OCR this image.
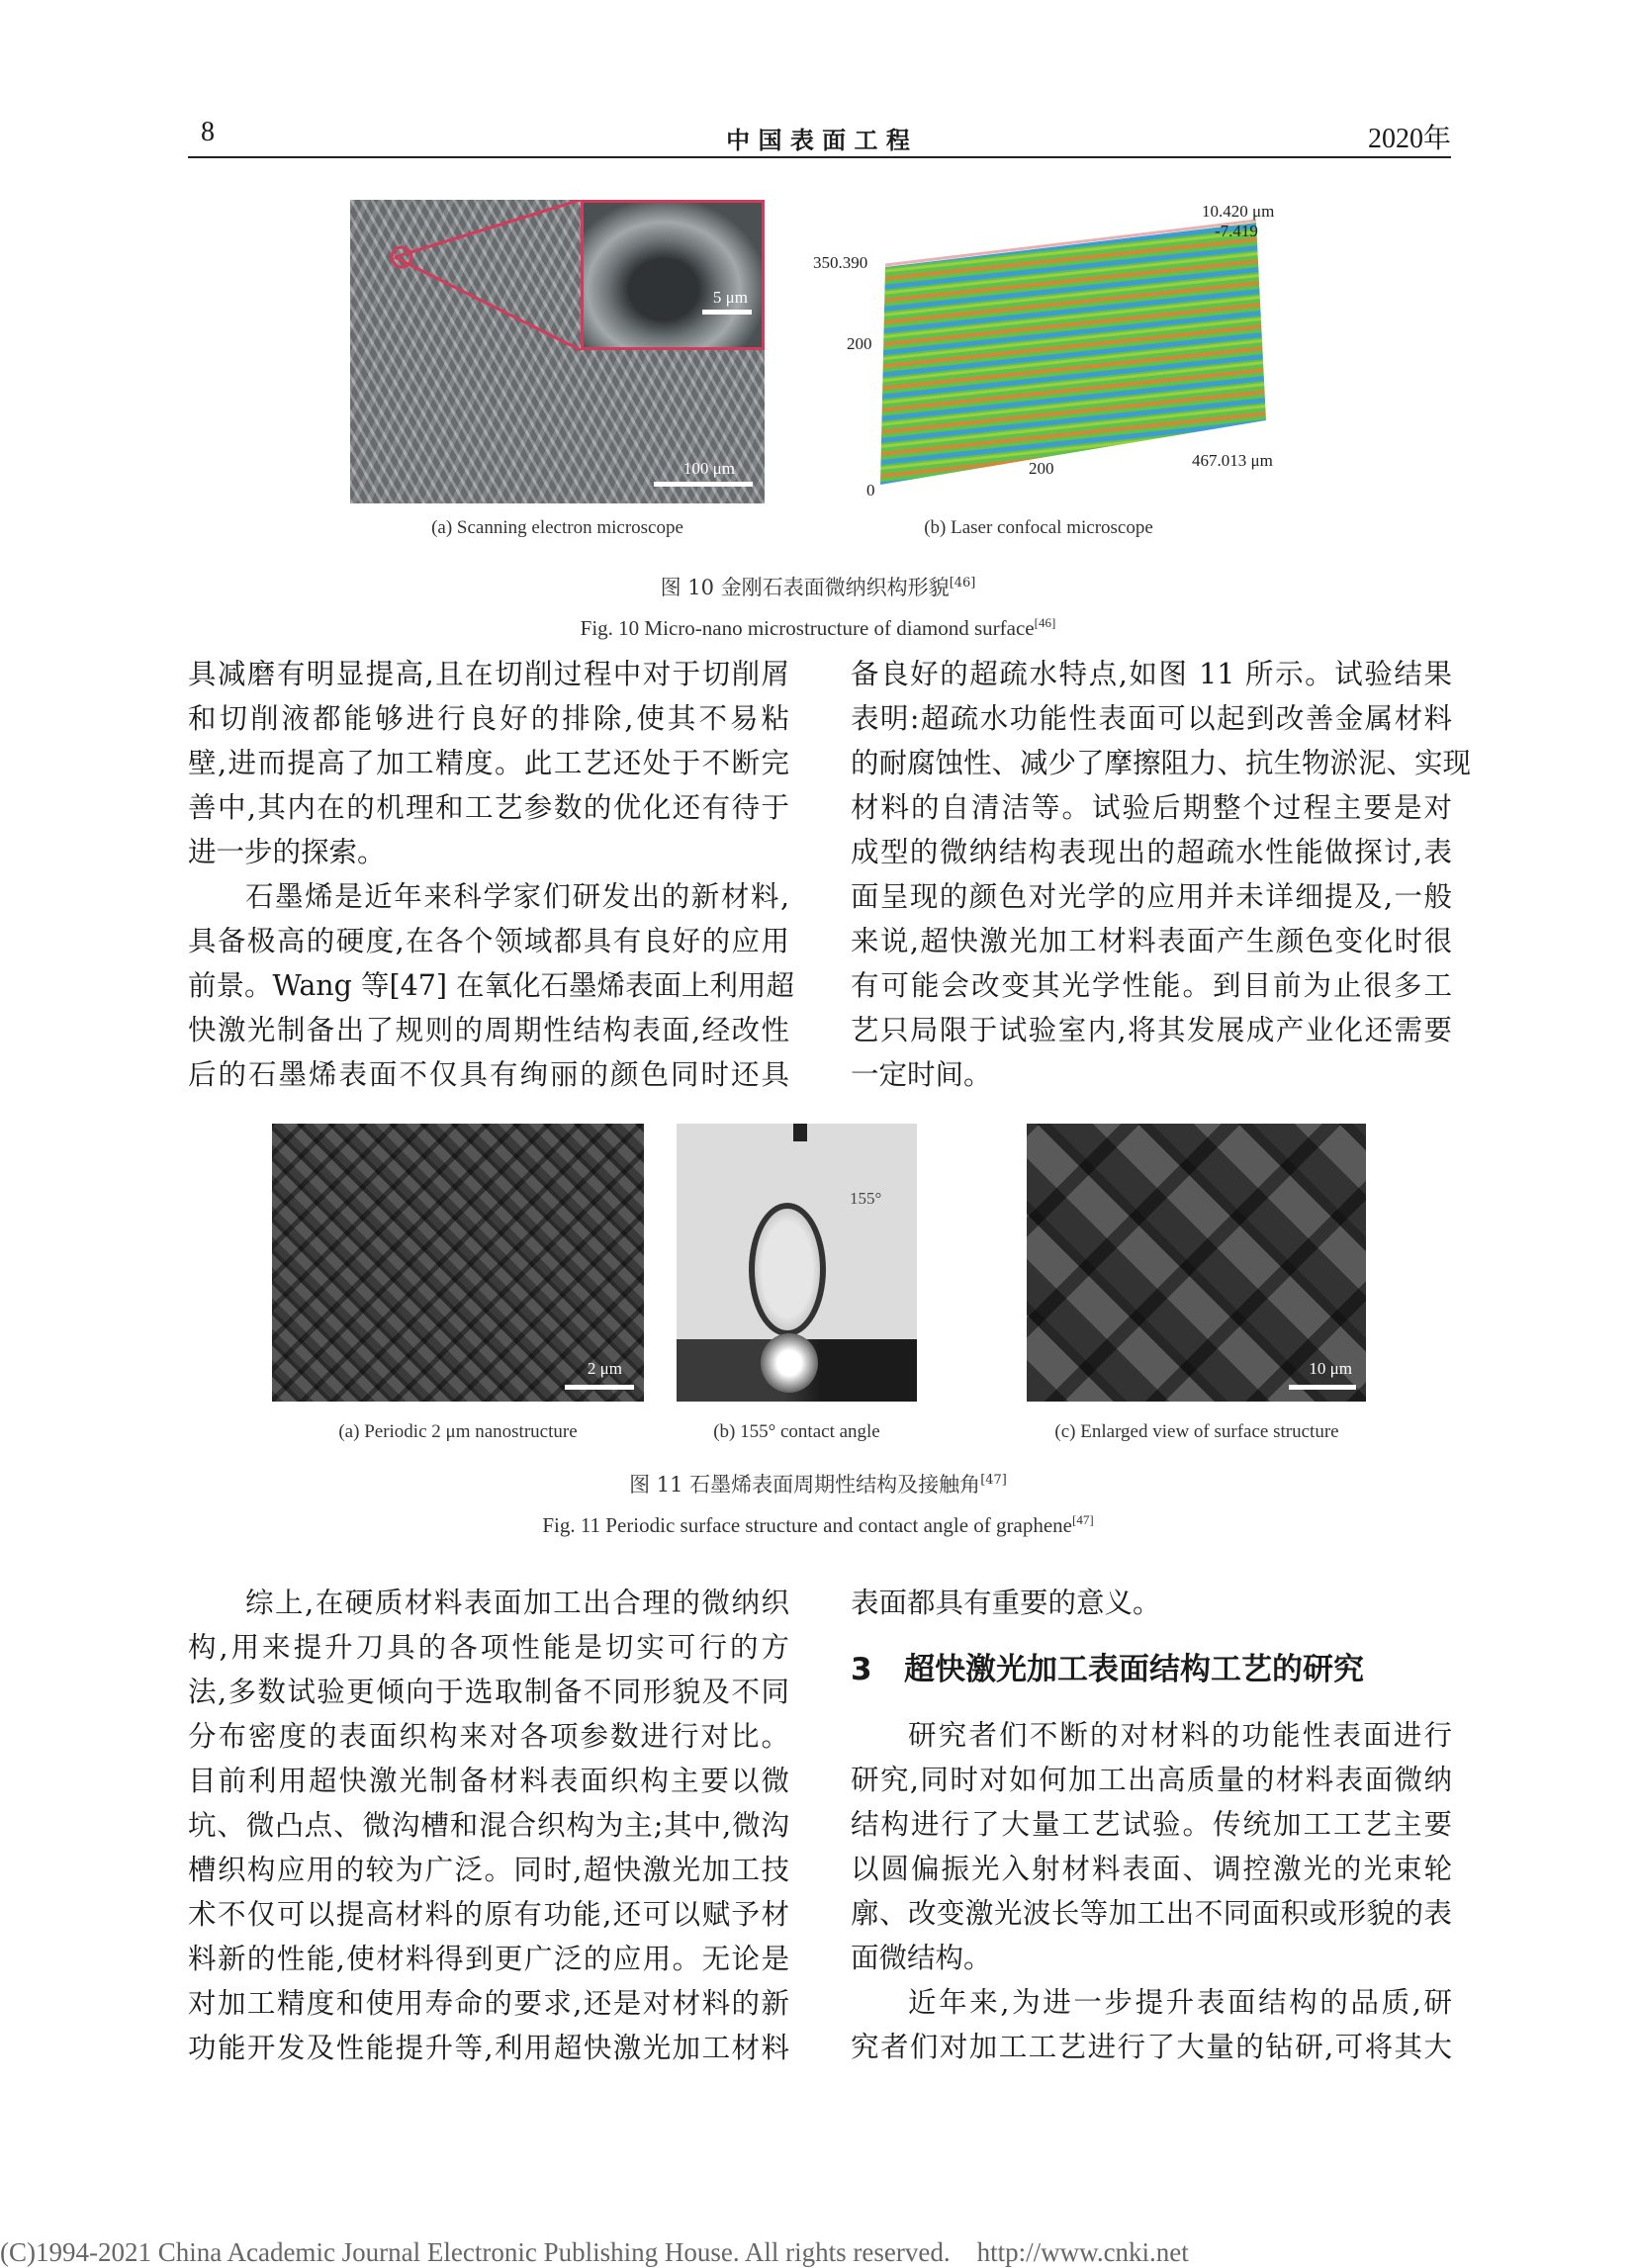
8	中 国 表 面 工 程	2020年
5 μm
100 μm
(a) Scanning electron microscope
10.420 μm
-7.419
350.390
200
0
200	467.013 μm
(b) Laser confocal microscope
图 10 金刚石表面微纳织构形貌[46]
Fig. 10 Micro-nano microstructure of diamond surface[46]
具减磨有明显提高,且在切削过程中对于切削屑
和切削液都能够进行良好的排除,使其不易粘
壁,进而提高了加工精度。此工艺还处于不断完
善中,其内在的机理和工艺参数的优化还有待于
进一步的探索。
石墨烯是近年来科学家们研发出的新材料,
具备极高的硬度,在各个领域都具有良好的应用
前景。Wang 等[47] 在氧化石墨烯表面上利用超
快激光制备出了规则的周期性结构表面,经改性
后的石墨烯表面不仅具有绚丽的颜色同时还具
备良好的超疏水特点,如图 11 所示。试验结果
表明:超疏水功能性表面可以起到改善金属材料
的耐腐蚀性、减少了摩擦阻力、抗生物淤泥、实现
材料的自清洁等。试验后期整个过程主要是对
成型的微纳结构表现出的超疏水性能做探讨,表
面呈现的颜色对光学的应用并未详细提及,一般
来说,超快激光加工材料表面产生颜色变化时很
有可能会改变其光学性能。到目前为止很多工
艺只局限于试验室内,将其发展成产业化还需要
一定时间。
2 μm
155°
10 μm
(a) Periodic 2 μm nanostructure	(b) 155° contact angle	(c) Enlarged view of surface structure
图 11 石墨烯表面周期性结构及接触角[47]
Fig. 11 Periodic surface structure and contact angle of graphene[47]
综上,在硬质材料表面加工出合理的微纳织
构,用来提升刀具的各项性能是切实可行的方
法,多数试验更倾向于选取制备不同形貌及不同
分布密度的表面织构来对各项参数进行对比。
目前利用超快激光制备材料表面织构主要以微
坑、微凸点、微沟槽和混合织构为主;其中,微沟
槽织构应用的较为广泛。同时,超快激光加工技
术不仅可以提高材料的原有功能,还可以赋予材
料新的性能,使材料得到更广泛的应用。无论是
对加工精度和使用寿命的要求,还是对材料的新
功能开发及性能提升等,利用超快激光加工材料
表面都具有重要的意义。
3   超快激光加工表面结构工艺的研究
研究者们不断的对材料的功能性表面进行
研究,同时对如何加工出高质量的材料表面微纳
结构进行了大量工艺试验。传统加工工艺主要
以圆偏振光入射材料表面、调控激光的光束轮
廓、改变激光波长等加工出不同面积或形貌的表
面微结构。
近年来,为进一步提升表面结构的品质,研
究者们对加工工艺进行了大量的钻研,可将其大
(C)1994-2021 China Academic Journal Electronic Publishing House. All rights reserved.    http://www.cnki.net
